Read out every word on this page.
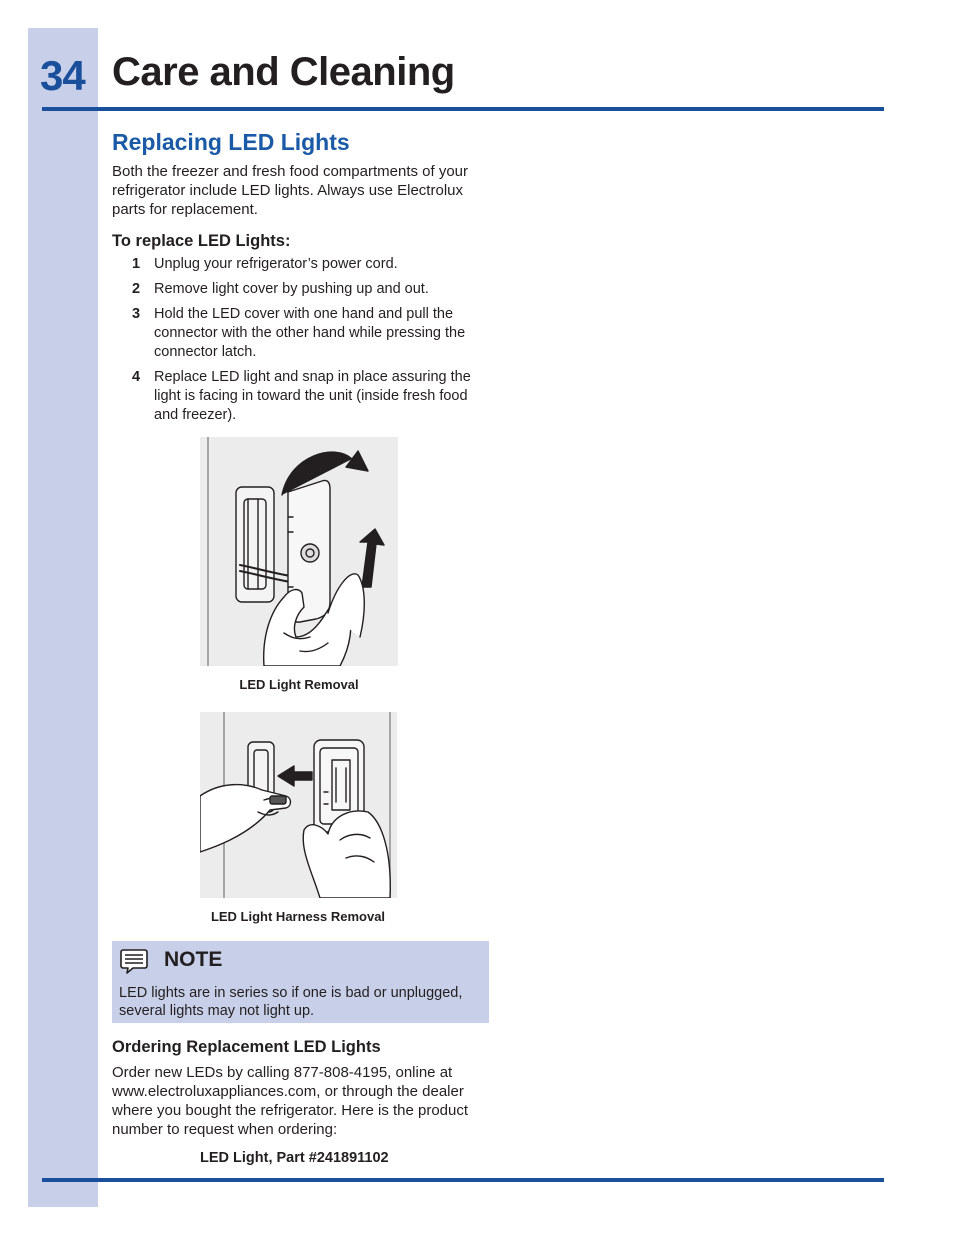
34 Care and Cleaning
Replacing LED Lights
Both the freezer and fresh food compartments of your refrigerator include LED lights. Always use Electrolux parts for replacement.
To replace LED Lights:
1 Unplug your refrigerator’s power cord.
2 Remove light cover by pushing up and out.
3 Hold the LED cover with one hand and pull the connector with the other hand while pressing the connector latch.
4 Replace LED light and snap in place assuring the light is facing in toward the unit (inside fresh food and freezer).
LED Light Removal
LED Light Harness Removal
NOTE
LED lights are in series so if one is bad or unplugged, several lights may not light up.
Ordering Replacement LED Lights
Order new LEDs by calling 877-808-4195, online at www.electroluxappliances.com, or through the dealer where you bought the refrigerator. Here is the product number to request when ordering:
LED Light, Part #241891102
